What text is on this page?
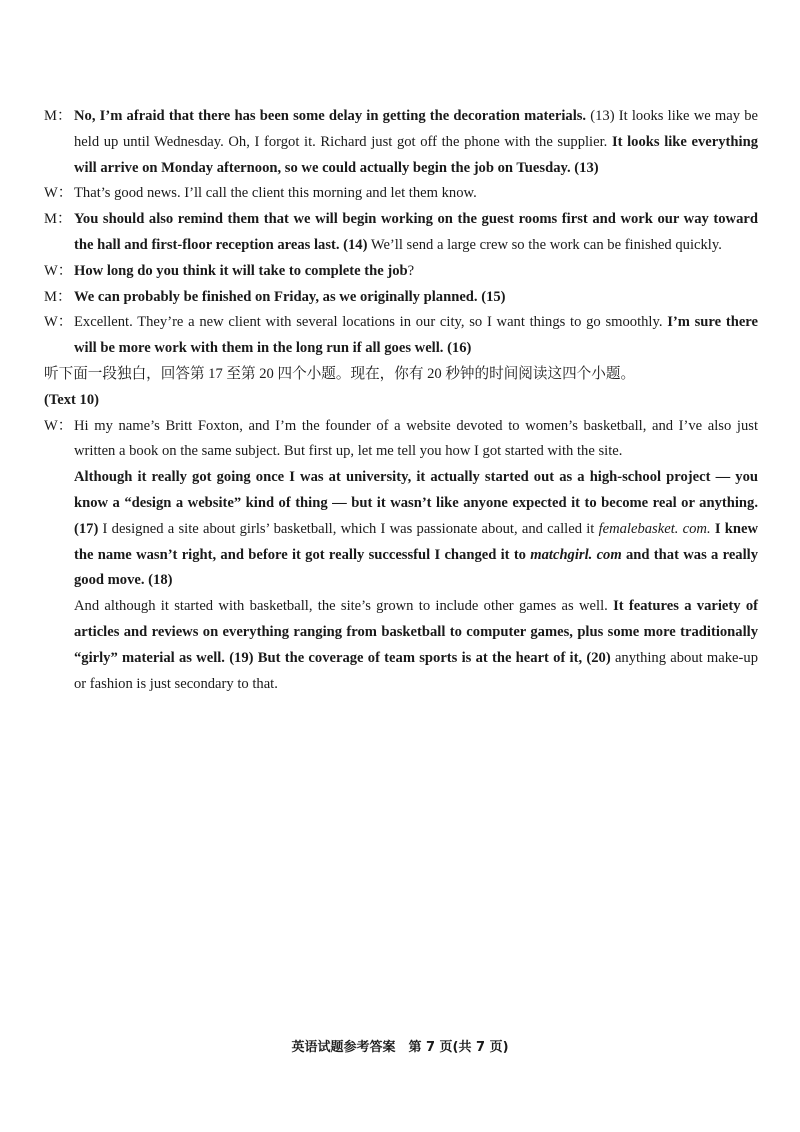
M： No, I’m afraid that there has been some delay in getting the decoration materials. (13) It looks like we may be held up until Wednesday. Oh, I forgot it. Richard just got off the phone with the supplier. It looks like everything will arrive on Monday afternoon, so we could actually begin the job on Tuesday. (13)
W： That’s good news. I’ll call the client this morning and let them know.
M： You should also remind them that we will begin working on the guest rooms first and work our way toward the hall and first-floor reception areas last. (14) We’ll send a large crew so the work can be finished quickly.
W： How long do you think it will take to complete the job?
M： We can probably be finished on Friday, as we originally planned. (15)
W： Excellent. They’re a new client with several locations in our city, so I want things to go smoothly. I’m sure there will be more work with them in the long run if all goes well. (16)
听下面一段独白，回答第 17 至第 20 四个小题。现在，你有 20 秒钟的时间阅读这四个小题。
(Text 10)
W： Hi my name’s Britt Foxton, and I’m the founder of a website devoted to women’s basketball, and I’ve also just written a book on the same subject. But first up, let me tell you how I got started with the site.
Although it really got going once I was at university, it actually started out as a high-school project — you know a “design a website” kind of thing — but it wasn’t like anyone expected it to become real or anything. (17) I designed a site about girls’ basketball, which I was passionate about, and called it femalebasket. com. I knew the name wasn’t right, and before it got really successful I changed it to matchgirl. com and that was a really good move. (18)
And although it started with basketball, the site’s grown to include other games as well. It features a variety of articles and reviews on everything ranging from basketball to computer games, plus some more traditionally “girly” material as well. (19) But the coverage of team sports is at the heart of it, (20) anything about make-up or fashion is just secondary to that.
英语试题参考答案　第 7 页(共 7 页)
